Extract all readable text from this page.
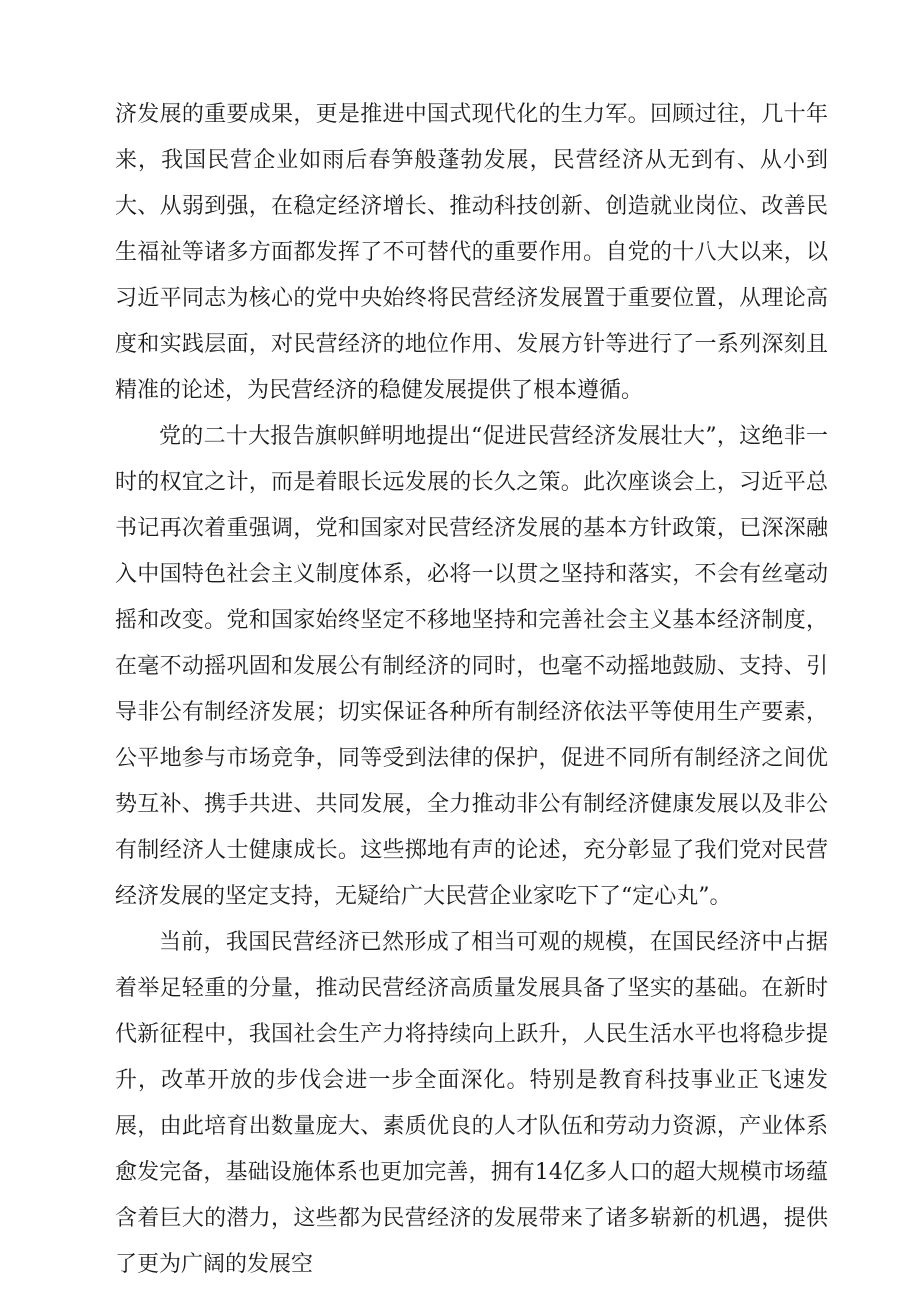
济发展的重要成果，更是推进中国式现代化的生力军。回顾过往，几十年来，我国民营企业如雨后春笋般蓬勃发展，民营经济从无到有、从小到大、从弱到强，在稳定经济增长、推动科技创新、创造就业岗位、改善民生福祉等诸多方面都发挥了不可替代的重要作用。自党的十八大以来，以习近平同志为核心的党中央始终将民营经济发展置于重要位置，从理论高度和实践层面，对民营经济的地位作用、发展方针等进行了一系列深刻且精准的论述，为民营经济的稳健发展提供了根本遵循。

党的二十大报告旗帜鲜明地提出“促进民营经济发展壮大”，这绝非一时的权宜之计，而是着眼长远发展的长久之策。此次座谈会上，习近平总书记再次着重强调，党和国家对民营经济发展的基本方针政策，已深深融入中国特色社会主义制度体系，必将一以贯之坚持和落实，不会有丝毫动摇和改变。党和国家始终坚定不移地坚持和完善社会主义基本经济制度，在毫不动摇巩固和发展公有制经济的同时，也毫不动摇地鼓励、支持、引导非公有制经济发展；切实保证各种所有制经济依法平等使用生产要素，公平地参与市场竞争，同等受到法律的保护，促进不同所有制经济之间优势互补、携手共进、共同发展，全力推动非公有制经济健康发展以及非公有制经济人士健康成长。这些掷地有声的论述，充分彰显了我们党对民营经济发展的坚定支持，无疑给广大民营企业家吃下了“定心丸”。

当前，我国民营经济已然形成了相当可观的规模，在国民经济中占据着举足轻重的分量，推动民营经济高质量发展具备了坚实的基础。在新时代新征程中，我国社会生产力将持续向上跃升，人民生活水平也将稳步提升，改革开放的步伐会进一步全面深化。特别是教育科技事业正飞速发展，由此培育出数量庞大、素质优良的人才队伍和劳动力资源，产业体系愈发完备，基础设施体系也更加完善，拥有14亿多人口的超大规模市场蕴含着巨大的潜力，这些都为民营经济的发展带来了诸多崭新的机遇，提供了更为广阔的发展空
